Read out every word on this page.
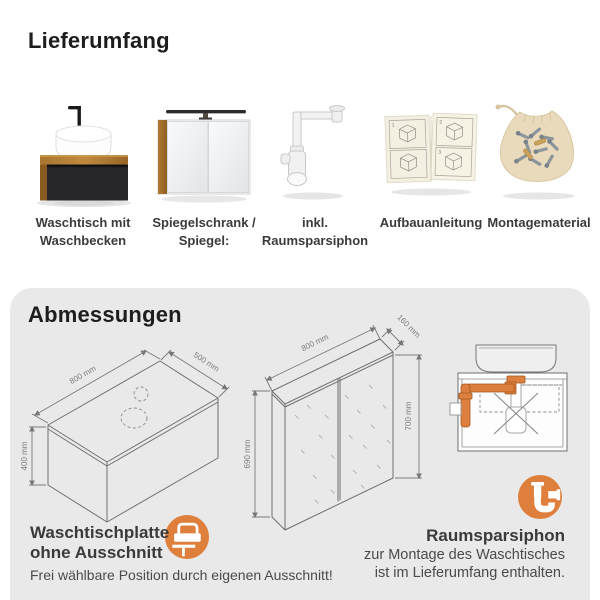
Lieferumfang
Waschtisch mit
Waschbecken
Spiegelschrank /
Spiegel:
inkl. Raumsparsiphon
1	2
3
Aufbauanleitung Montagematerial
Abmessungen
800 mm
500 mm
400 mm
800 mm
160 mm
690 mm
700 mm
Waschtischplatte
ohne Ausschnitt
Frei wählbare Position durch eigenen Ausschnitt!
Raumsparsiphon
zur Montage des Waschtisches
ist im Lieferumfang enthalten.
